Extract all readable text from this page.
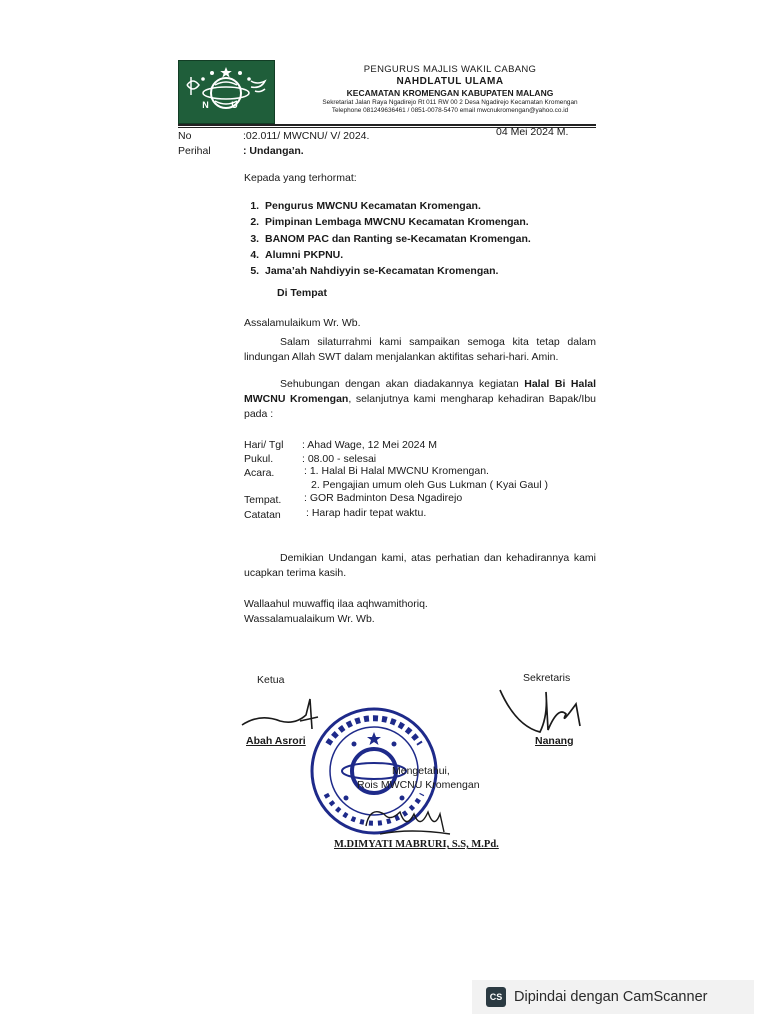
N U
PENGURUS MAJLIS WAKIL CABANG
NAHDLATUL ULAMA
KECAMATAN KROMENGAN KABUPATEN MALANG
Sekretariat Jalan Raya Ngadirejo Rt 011 RW 00 2 Desa Ngadirejo Kecamatan Kromengan
Telephone 081249636461 / 0851-0078-5470 email mwcnukromengan@yahoo.co.id
No	:02.011/ MWCNU/ V/ 2024.	04 Mei 2024 M.
Perihal	: Undangan.
Kepada yang terhormat:
1. Pengurus MWCNU Kecamatan Kromengan.
2. Pimpinan Lembaga MWCNU Kecamatan Kromengan.
3. BANOM PAC dan Ranting se-Kecamatan Kromengan.
4. Alumni PKPNU.
5. Jama’ah Nahdiyyin se-Kecamatan Kromengan.
Di Tempat
Assalamulaikum Wr. Wb.
Salam silaturrahmi kami sampaikan semoga kita tetap dalam lindungan Allah SWT dalam menjalankan aktifitas sehari-hari. Amin.
Sehubungan dengan akan diadakannya kegiatan Halal Bi Halal MWCNU Kromengan, selanjutnya kami mengharap kehadiran Bapak/Ibu pada :
Hari/ Tgl : Ahad Wage, 12 Mei 2024 M
Pukul.	: 08.00 - selesai
Acara.	: 1. Halal Bi Halal MWCNU Kromengan.
2. Pengajian umum oleh Gus Lukman ( Kyai Gaul )
Tempat. : GOR Badminton Desa Ngadirejo
Catatan : Harap hadir tepat waktu.
Demikian Undangan kami, atas perhatian dan kehadirannya kami ucapkan terima kasih.
Wallaahul muwaffiq ilaa aqhwamithoriq.
Wassalamualaikum Wr. Wb.
Ketua
Abah Asrori
Sekretaris
Nanang
Mengetahui,
Rois MWCNU Kromengan
M.DIMYATI MABRURI, S.S, M.Pd.
CS Dipindai dengan CamScanner
